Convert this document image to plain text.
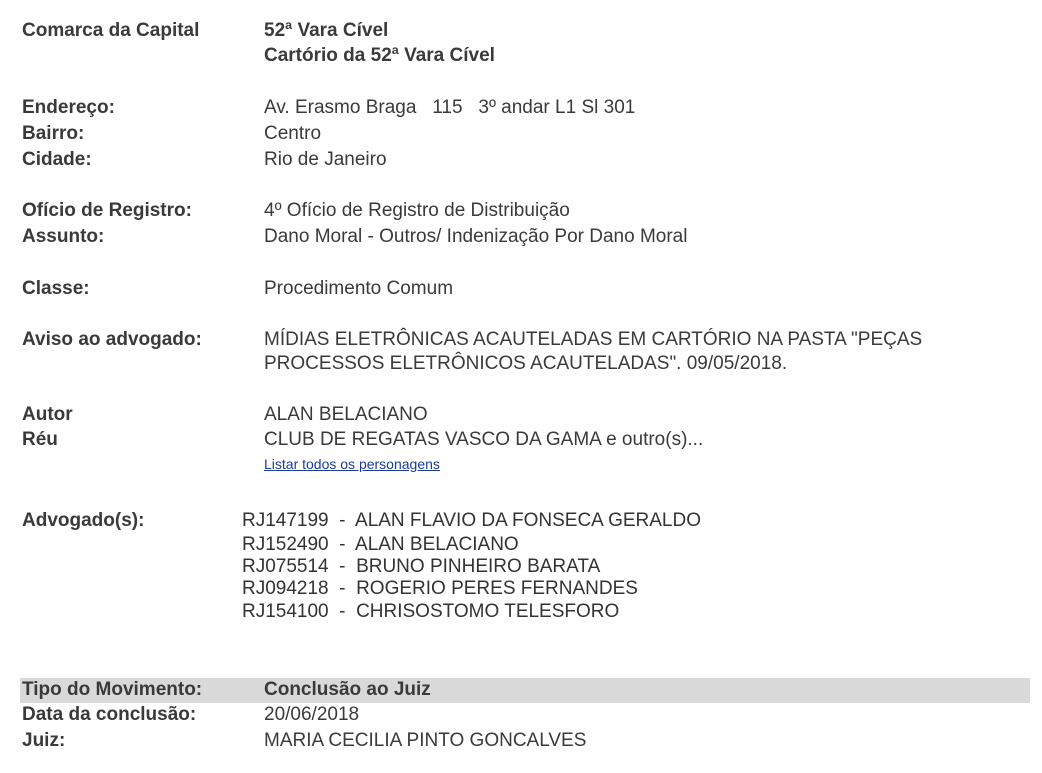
Comarca da Capital	52ª Vara Cível
Cartório da 52ª Vara Cível
Endereço:	Av. Erasmo Braga   115   3º andar L1 Sl 301
Bairro:	Centro
Cidade:	Rio de Janeiro
Ofício de Registro:	4º Ofício de Registro de Distribuição
Assunto:	Dano Moral - Outros/ Indenização Por Dano Moral
Classe:	Procedimento Comum
Aviso ao advogado:	MÍDIAS ELETRÔNICAS ACAUTELADAS EM CARTÓRIO NA PASTA "PEÇAS PROCESSOS ELETRÔNICOS ACAUTELADAS". 09/05/2018.
Autor	ALAN BELACIANO
Réu	CLUB DE REGATAS VASCO DA GAMA e outro(s)...
Listar todos os personagens
Advogado(s):	RJ147199  -  ALAN FLAVIO DA FONSECA GERALDO
RJ152490  -  ALAN BELACIANO
RJ075514  -  BRUNO PINHEIRO BARATA
RJ094218  -  ROGERIO PERES FERNANDES
RJ154100  -  CHRISOSTOMO TELESFORO
Tipo do Movimento:	Conclusão ao Juiz
Data da conclusão:	20/06/2018
Juiz:	MARIA CECILIA PINTO GONCALVES
